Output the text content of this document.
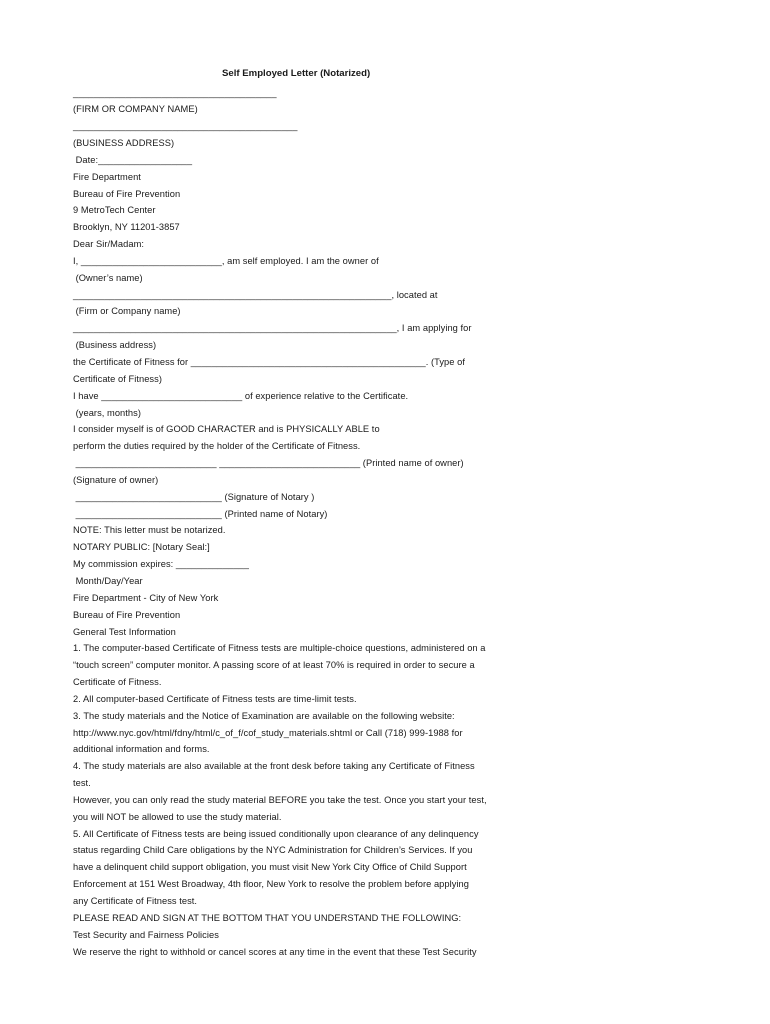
Self Employed Letter (Notarized)
_______________________________________
(FIRM OR COMPANY NAME)
___________________________________________
(BUSINESS ADDRESS)
Date:__________________
Fire Department
Bureau of Fire Prevention
9 MetroTech Center
Brooklyn, NY 11201-3857
Dear Sir/Madam:
I, ___________________________, am self employed. I am the owner of
(Owner’s name)
_____________________________________________________________, located at
(Firm or Company name)
______________________________________________________________, I am applying for
(Business address)
the Certificate of Fitness for _____________________________________________. (Type of
Certificate of Fitness)
I have ___________________________ of experience relative to the Certificate.
(years, months)
I consider myself is of GOOD CHARACTER and is PHYSICALLY ABLE to
perform the duties required by the holder of the Certificate of Fitness.
___________________________ ___________________________ (Printed name of owner)
(Signature of owner)
____________________________ (Signature of Notary )
____________________________ (Printed name of Notary)
NOTE: This letter must be notarized.
NOTARY PUBLIC: [Notary Seal:]
My commission expires: ______________
Month/Day/Year
Fire Department - City of New York
Bureau of Fire Prevention
General Test Information
1. The computer-based Certificate of Fitness tests are multiple-choice questions, administered on a
“touch screen” computer monitor. A passing score of at least 70% is required in order to secure a
Certificate of Fitness.
2. All computer-based Certificate of Fitness tests are time-limit tests.
3. The study materials and the Notice of Examination are available on the following website:
http://www.nyc.gov/html/fdny/html/c_of_f/cof_study_materials.shtml or Call (718) 999-1988 for
additional information and forms.
4. The study materials are also available at the front desk before taking any Certificate of Fitness
test.
However, you can only read the study material BEFORE you take the test. Once you start your test,
you will NOT be allowed to use the study material.
5. All Certificate of Fitness tests are being issued conditionally upon clearance of any delinquency
status regarding Child Care obligations by the NYC Administration for Children’s Services. If you
have a delinquent child support obligation, you must visit New York City Office of Child Support
Enforcement at 151 West Broadway, 4th floor, New York to resolve the problem before applying
any Certificate of Fitness test.
PLEASE READ AND SIGN AT THE BOTTOM THAT YOU UNDERSTAND THE FOLLOWING:
Test Security and Fairness Policies
We reserve the right to withhold or cancel scores at any time in the event that these Test Security
